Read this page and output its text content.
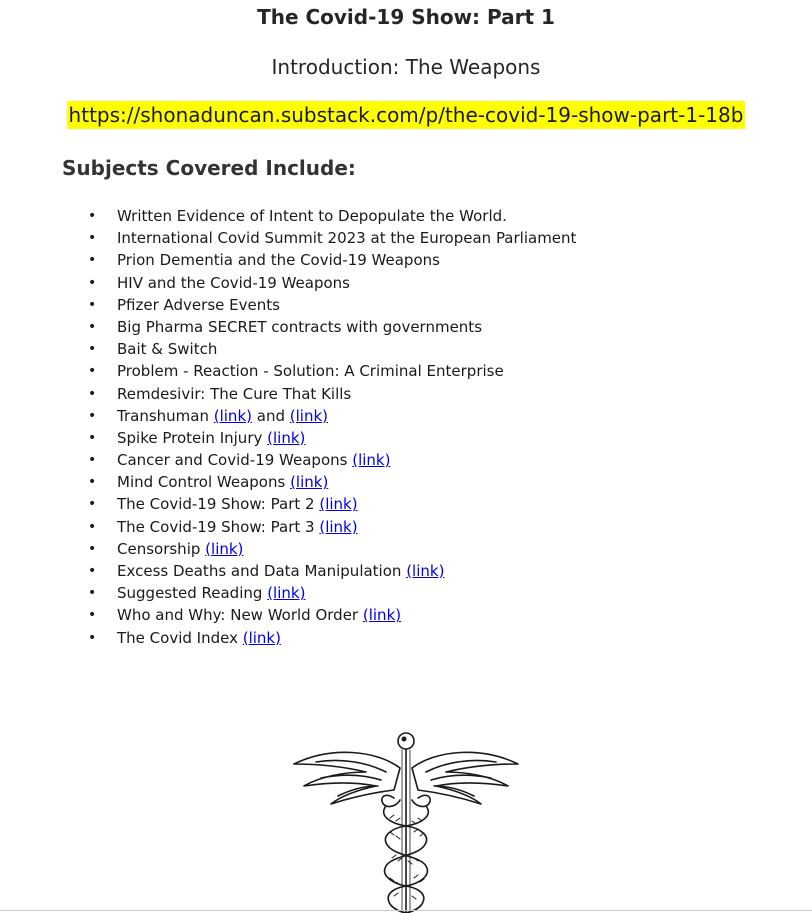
The Covid-19 Show: Part 1
Introduction: The Weapons
https://shonaduncan.substack.com/p/the-covid-19-show-part-1-18b
Subjects Covered Include:
• Written Evidence of Intent to Depopulate the World.
• International Covid Summit 2023 at the European Parliament
• Prion Dementia and the Covid-19 Weapons
• HIV and the Covid-19 Weapons
• Pfizer Adverse Events
• Big Pharma SECRET contracts with governments
• Bait & Switch
• Problem - Reaction - Solution: A Criminal Enterprise
• Remdesivir: The Cure That Kills
• Transhuman (link) and (link)
• Spike Protein Injury (link)
• Cancer and Covid-19 Weapons (link)
• Mind Control Weapons (link)
• The Covid-19 Show: Part 2 (link)
• The Covid-19 Show: Part 3 (link)
• Censorship (link)
• Excess Deaths and Data Manipulation (link)
• Suggested Reading (link)
• Who and Why: New World Order (link)
• The Covid Index (link)
